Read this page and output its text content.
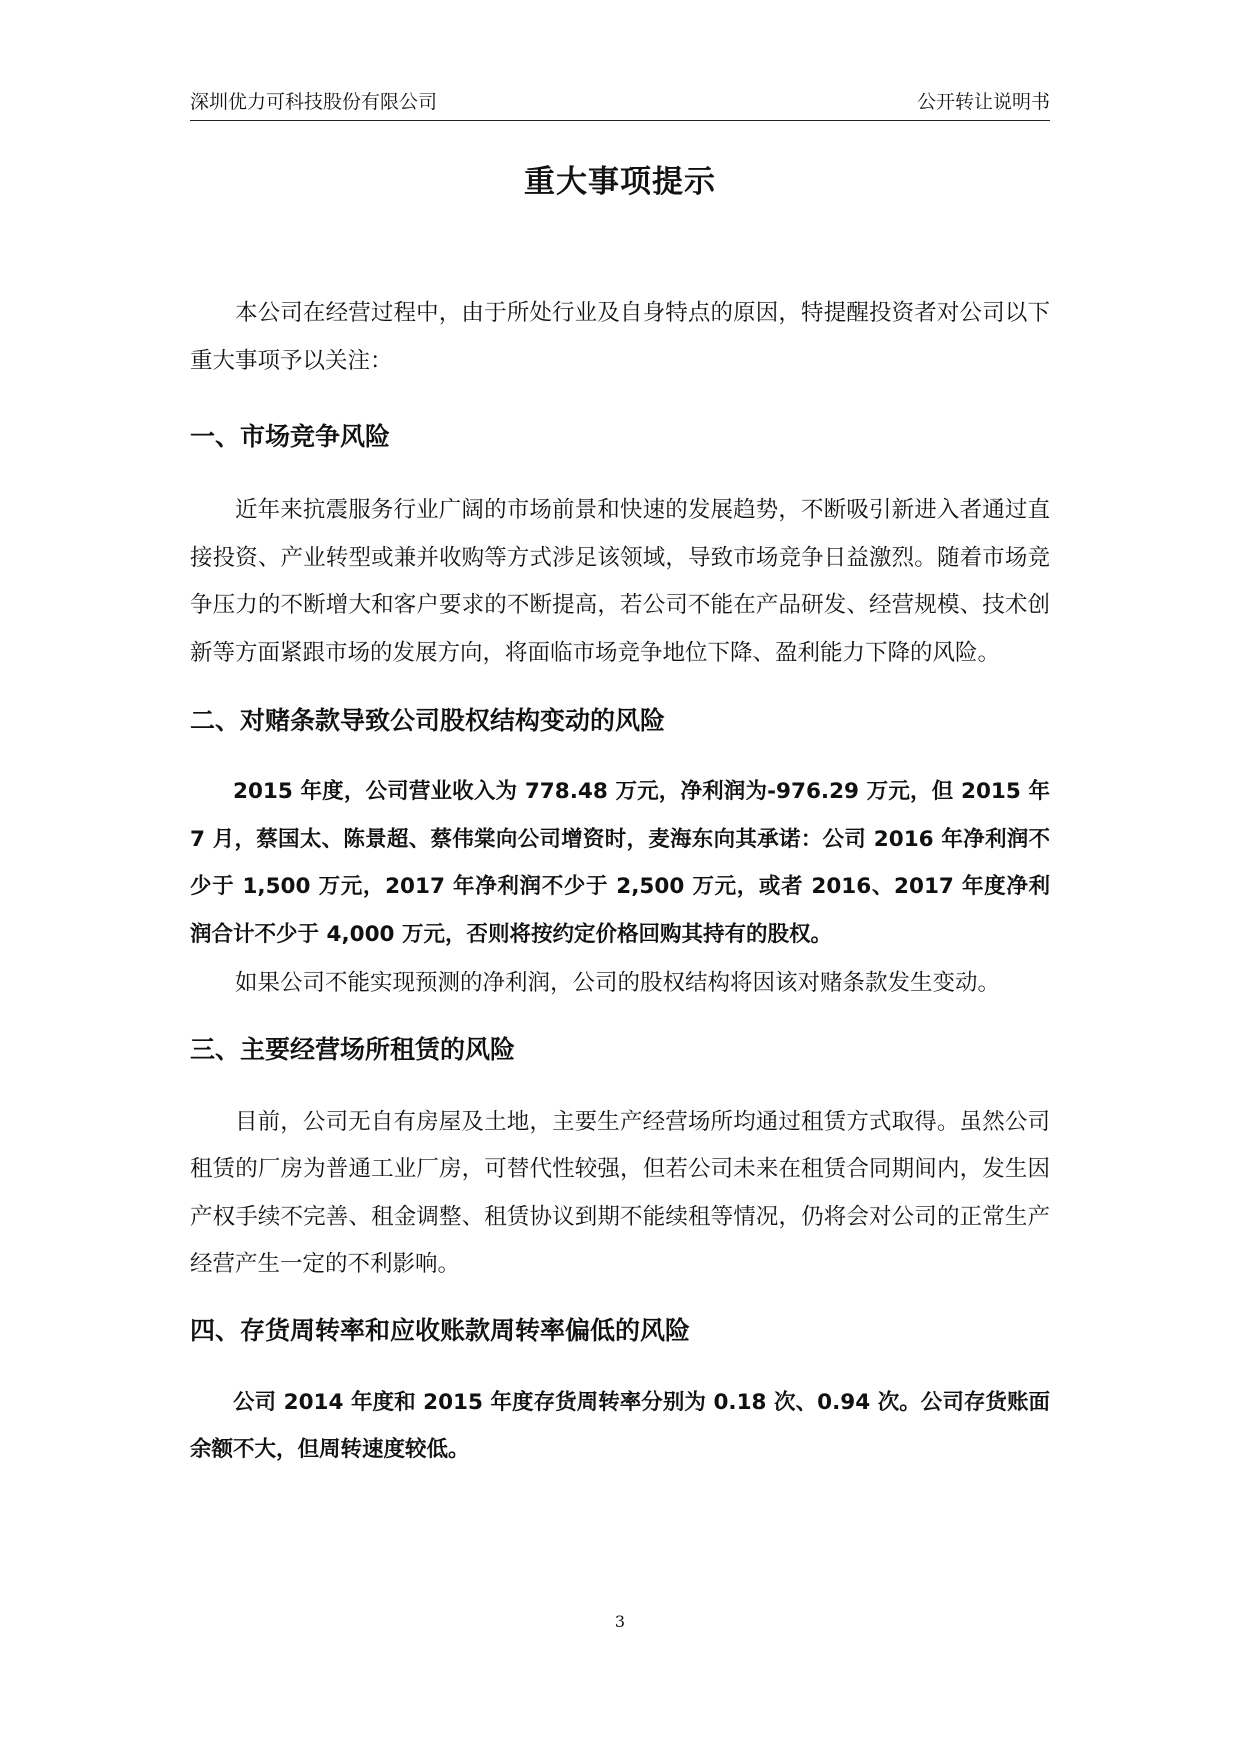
深圳优力可科技股份有限公司	公开转让说明书
重大事项提示

本公司在经营过程中，由于所处行业及自身特点的原因，特提醒投资者对公司以下重大事项予以关注：

一、市场竞争风险

近年来抗震服务行业广阔的市场前景和快速的发展趋势，不断吸引新进入者通过直接投资、产业转型或兼并收购等方式涉足该领域，导致市场竞争日益激烈。随着市场竞争压力的不断增大和客户要求的不断提高，若公司不能在产品研发、经营规模、技术创新等方面紧跟市场的发展方向，将面临市场竞争地位下降、盈利能力下降的风险。

二、对赌条款导致公司股权结构变动的风险

2015 年度，公司营业收入为 778.48 万元，净利润为-976.29 万元，但 2015 年 7 月，蔡国太、陈景超、蔡伟棠向公司增资时，麦海东向其承诺：公司 2016 年净利润不少于 1,500 万元，2017 年净利润不少于 2,500 万元，或者 2016、2017 年度净利润合计不少于 4,000 万元，否则将按约定价格回购其持有的股权。

如果公司不能实现预测的净利润，公司的股权结构将因该对赌条款发生变动。

三、主要经营场所租赁的风险

目前，公司无自有房屋及土地，主要生产经营场所均通过租赁方式取得。虽然公司租赁的厂房为普通工业厂房，可替代性较强，但若公司未来在租赁合同期间内，发生因产权手续不完善、租金调整、租赁协议到期不能续租等情况，仍将会对公司的正常生产经营产生一定的不利影响。

四、存货周转率和应收账款周转率偏低的风险

公司 2014 年度和 2015 年度存货周转率分别为 0.18 次、0.94 次。公司存货账面余额不大，但周转速度较低。

3
